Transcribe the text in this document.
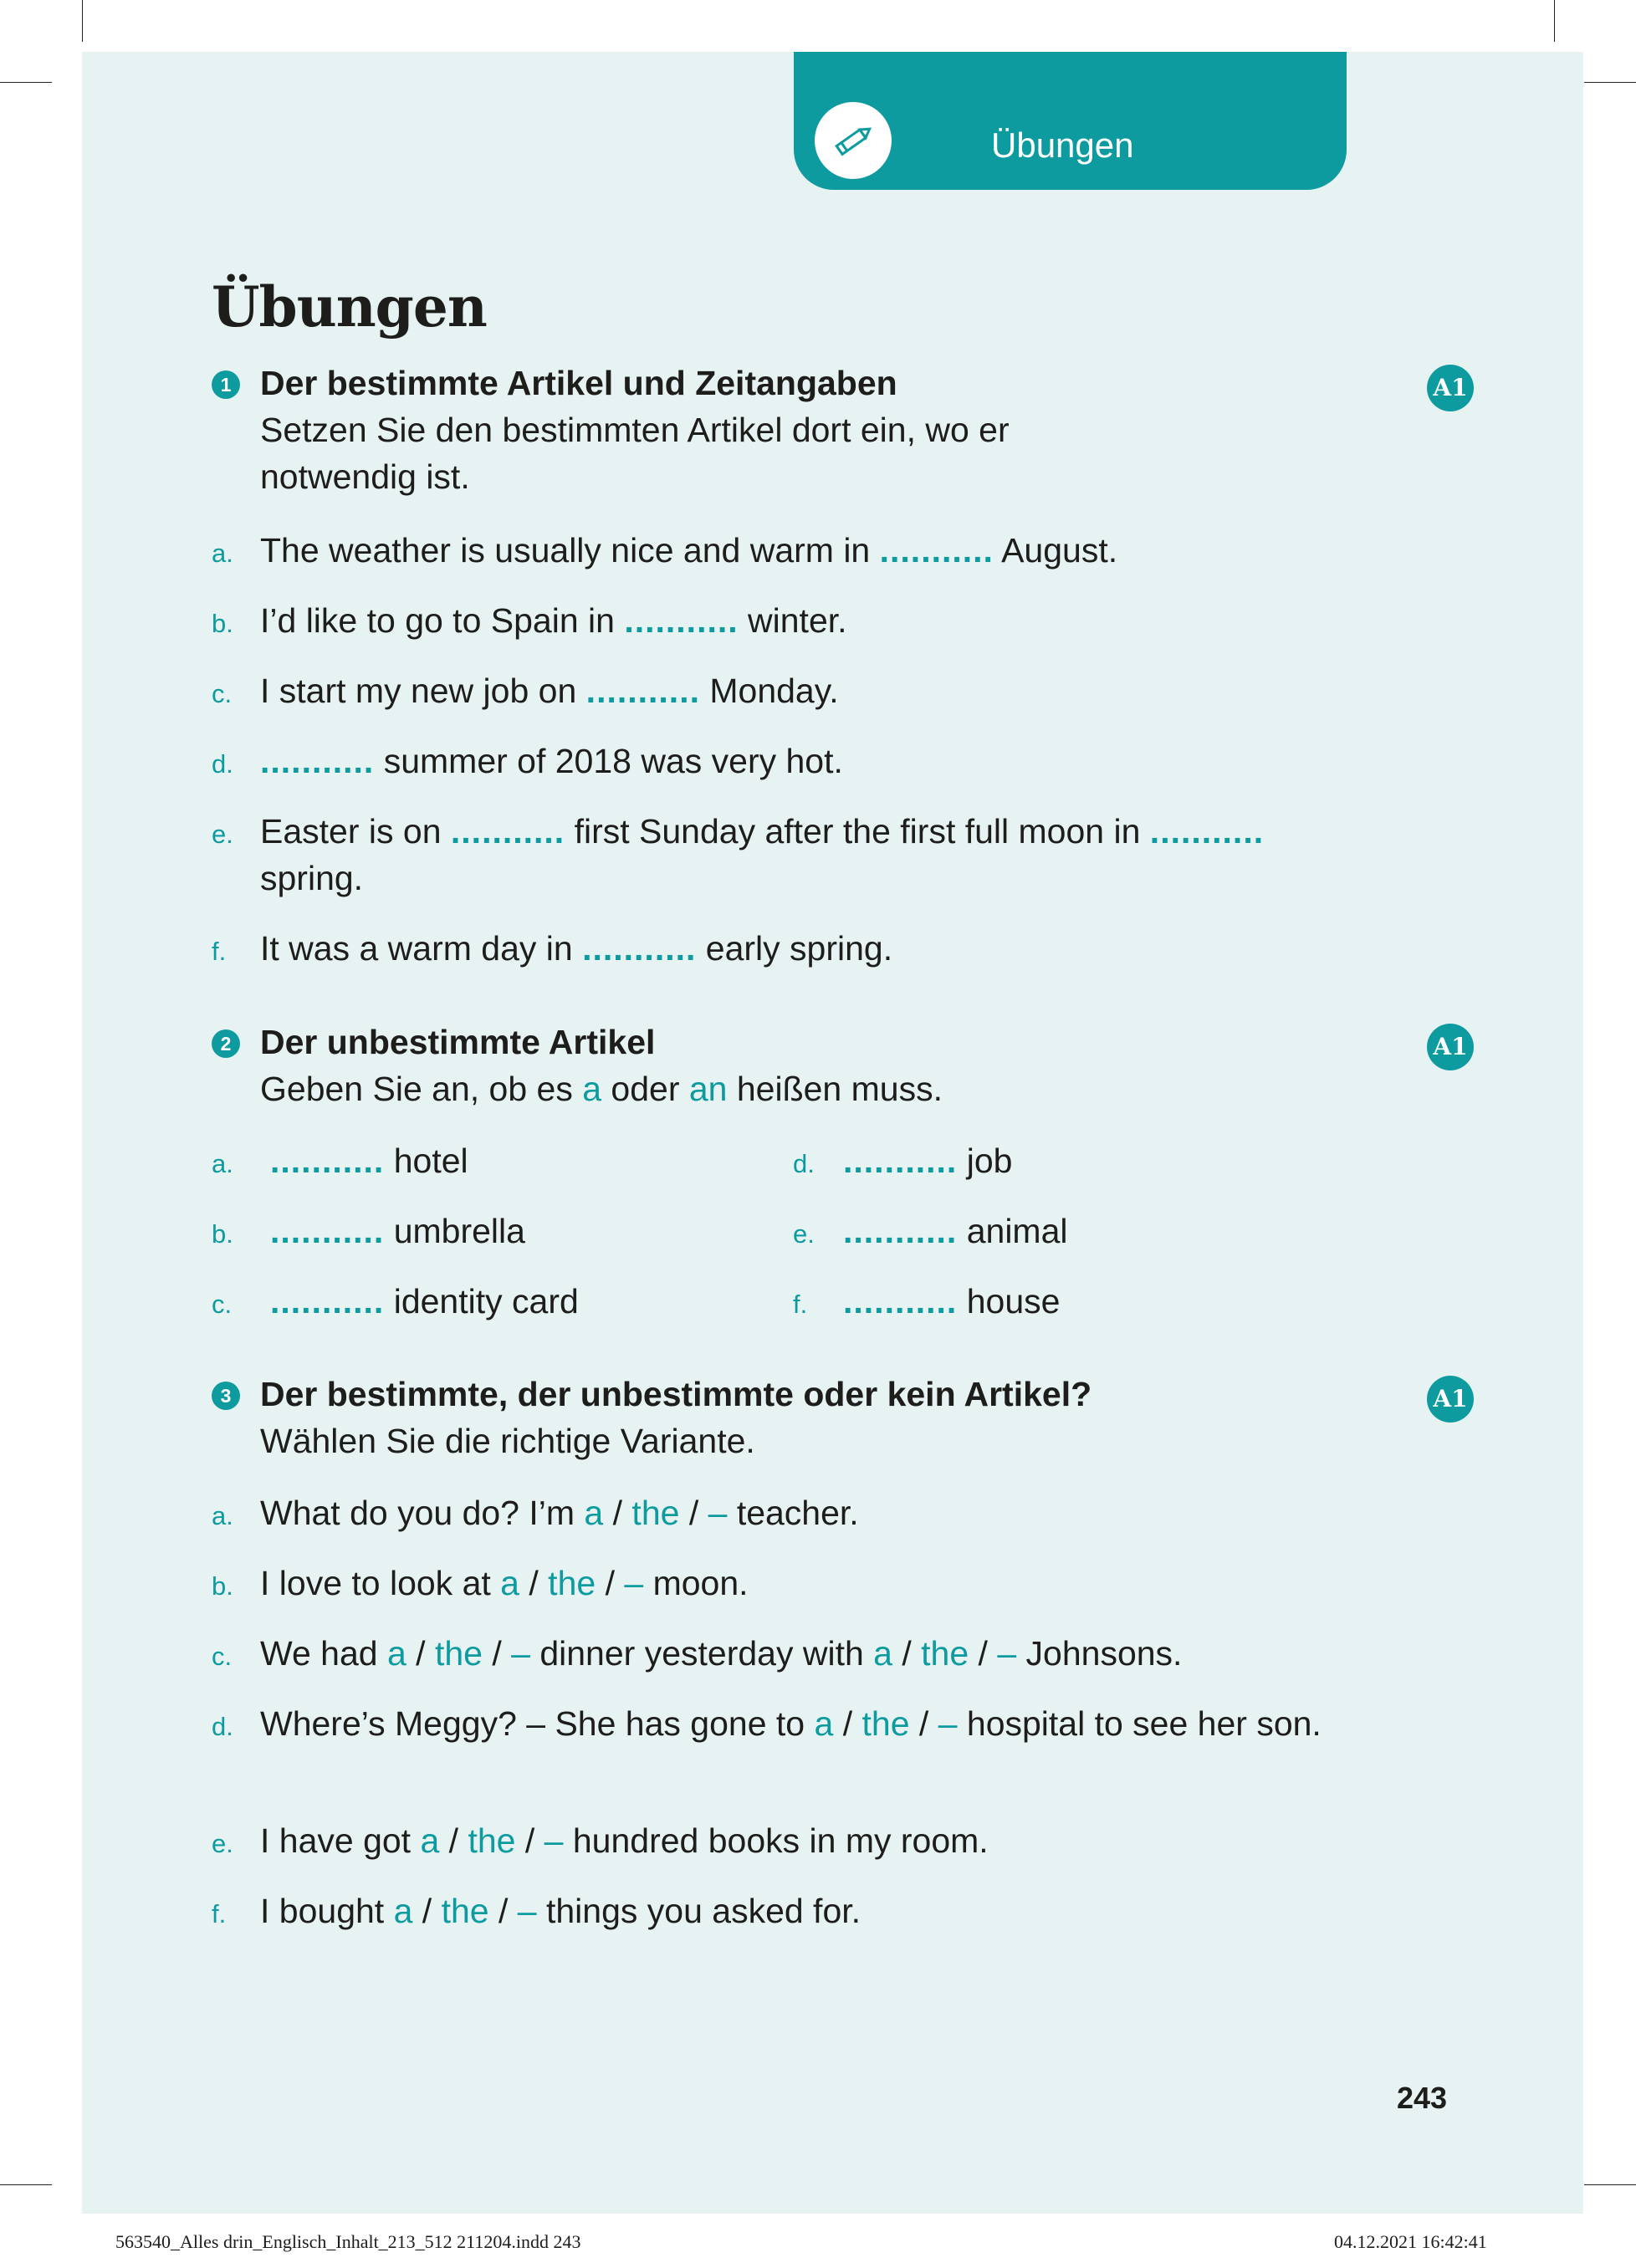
Übungen
Übungen
1	A1
Der bestimmte Artikel und Zeitangaben
Setzen Sie den bestimmten Artikel dort ein, wo er notwendig ist.
a. The weather is usually nice and warm in ........... August.
b. I’d like to go to Spain in ........... winter.
c. I start my new job on ........... Monday.
d. ........... summer of 2018 was very hot.
e. Easter is on ........... first Sunday after the first full moon in ...........
spring.
f. It was a warm day in ........... early spring.
2	A1
Der unbestimmte Artikel
Geben Sie an, ob es a oder an heißen muss.
a. ........... hotel
b. ........... umbrella
c. ........... identity card
d. ........... job
e. ........... animal
f. ........... house
3	A1
Der bestimmte, der unbestimmte oder kein Artikel?
Wählen Sie die richtige Variante.
a. What do you do? I’m a / the / – teacher.
b. I love to look at a / the / – moon.
c. We had a / the / – dinner yesterday with a / the / – Johnsons.
d. Where’s Meggy? – She has gone to a / the / – hospital to see her son.
e. I have got a / the / – hundred books in my room.
f. I bought a / the / – things you asked for.
243
563540_Alles drin_Englisch_Inhalt_213_512 211204.indd 243	04.12.2021 16:42:41
